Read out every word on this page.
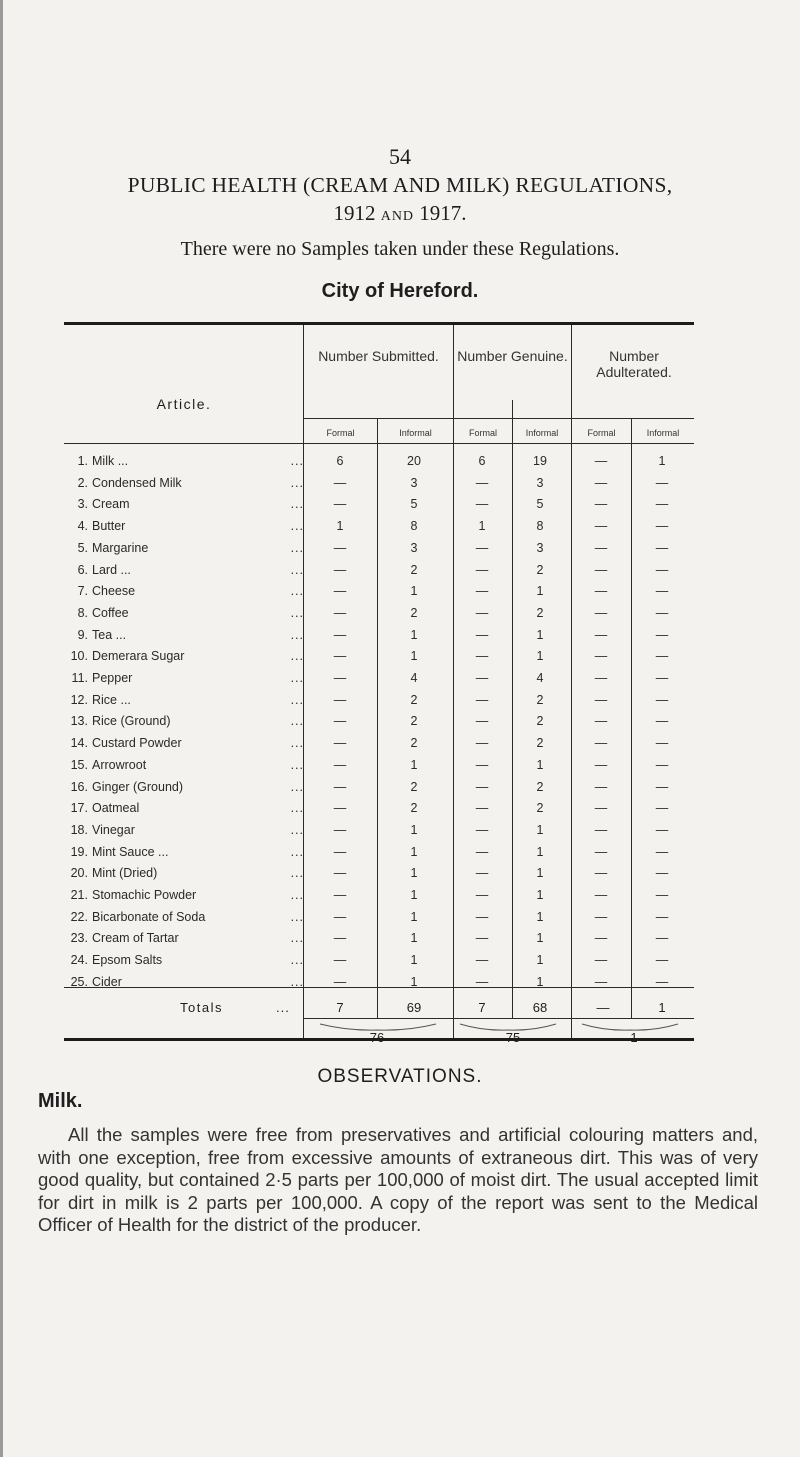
54
PUBLIC HEALTH (CREAM AND MILK) REGULATIONS,
1912 AND 1917.
There were no Samples taken under these Regulations.
City of Hereford.
Article.
Number Submitted.	Number Genuine.	Number Adulterated.
Formal	Informal	Formal	Informal	Formal	Informal
1. Milk ...	...	6	20	6	19	—	1
2. Condensed Milk	...	—	3	—	3	—	—
3. Cream	...	—	5	—	5	—	—
4. Butter	...	1	8	1	8	—	—
5. Margarine	...	—	3	—	3	—	—
6. Lard ...	...	—	2	—	2	—	—
7. Cheese	...	—	1	—	1	—	—
8. Coffee	...	—	2	—	2	—	—
9. Tea ...	...	—	1	—	1	—	—
10. Demerara Sugar	...	—	1	—	1	—	—
11. Pepper	...	—	4	—	4	—	—
12. Rice ...	...	—	2	—	2	—	—
13. Rice (Ground)	...	—	2	—	2	—	—
14. Custard Powder	...	—	2	—	2	—	—
15. Arrowroot	...	—	1	—	1	—	—
16. Ginger (Ground)	...	—	2	—	2	—	—
17. Oatmeal	...	—	2	—	2	—	—
18. Vinegar	...	—	1	—	1	—	—
19. Mint Sauce ...	...	—	1	—	1	—	—
20. Mint (Dried)	...	—	1	—	1	—	—
21. Stomachic Powder	...	—	1	—	1	—	—
22. Bicarbonate of Soda	...	—	1	—	1	—	—
23. Cream of Tartar	...	—	1	—	1	—	—
24. Epsom Salts	...	—	1	—	1	—	—
25. Cider	...	—	1	—	1	—	—
Totals	...	7	69	7	68	—	1
76	75	1
OBSERVATIONS.
Milk.
All the samples were free from preservatives and artificial colouring matters and, with one exception, free from excessive amounts of extraneous dirt. This was of very good quality, but contained 2·5 parts per 100,000 of moist dirt. The usual accepted limit for dirt in milk is 2 parts per 100,000. A copy of the report was sent to the Medical Officer of Health for the district of the producer.
